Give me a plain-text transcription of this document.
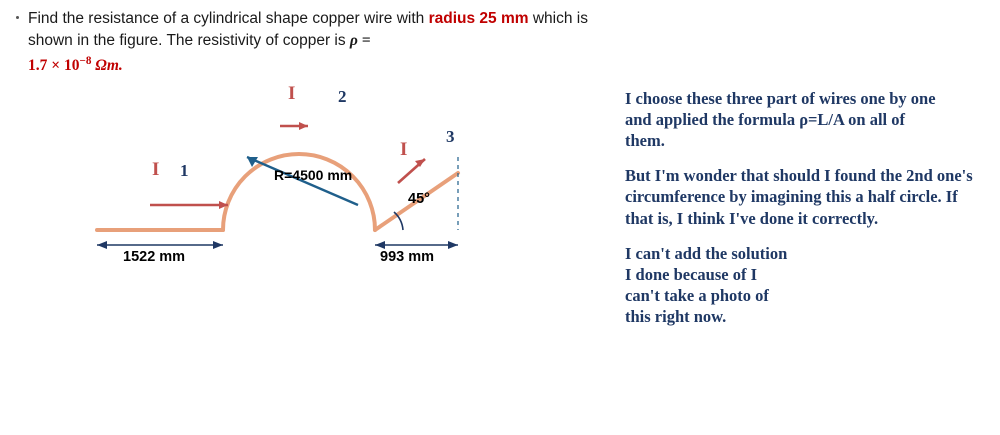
Find the resistance of a cylindrical shape copper wire with radius 25 mm which is shown in the figure. The resistivity of copper is ρ =
$1.7 \times 10^{-8}$ Ωm.
I 1
I	2
I
3
R=4500 mm
45°
1522 mm	993 mm

I choose these three part of wires one by one and applied the formula ρ=L/A on all of them.

But I'm wonder that should I found the 2nd one's circumference by imagining this a half circle. If that is, I think I've done it correctly.

I can't add the solution I done because of I can't take a photo of this right now.
